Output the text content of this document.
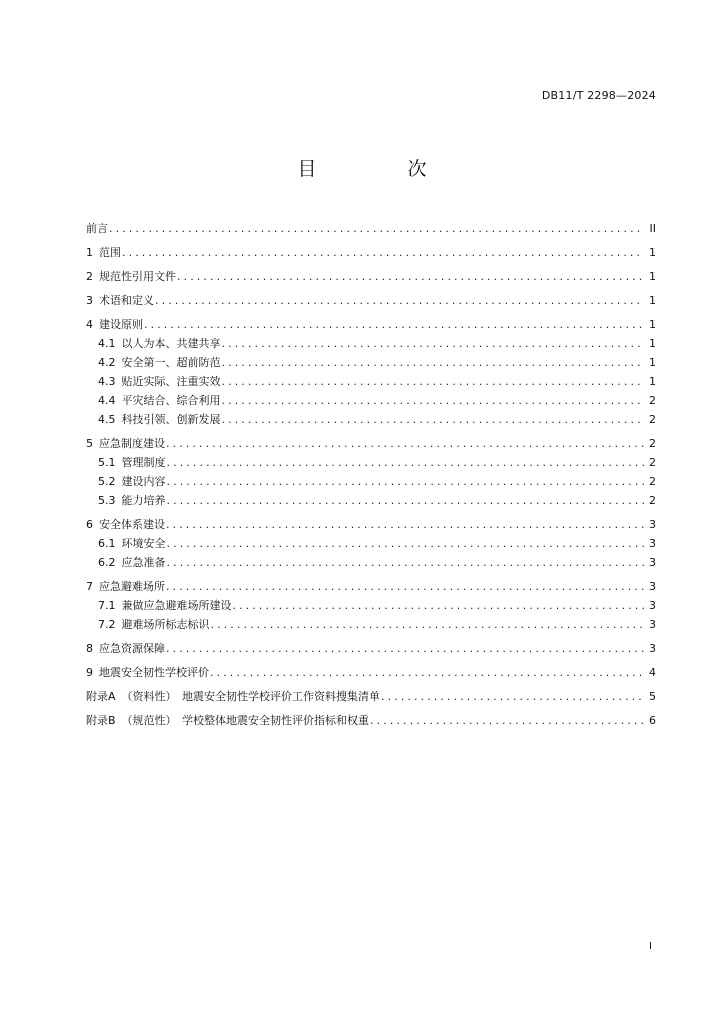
DB11/T 2298—2024
目　次
前言 .....	II
1 范围 .....	1
2 规范性引用文件 .....	1
3 术语和定义 .....	1
4 建设原则 .....	1
4.1 以人为本、共建共享 .....	1
4.2 安全第一、超前防范 .....	1
4.3 贴近实际、注重实效 .....	1
4.4 平灾结合、综合利用 .....	2
4.5 科技引领、创新发展 .....	2
5 应急制度建设 .....	2
5.1 管理制度 .....	2
5.2 建设内容 .....	2
5.3 能力培养 .....	2
6 安全体系建设 .....	3
6.1 环境安全 .....	3
6.2 应急准备 .....	3
7 应急避难场所 .....	3
7.1 兼做应急避难场所建设 .....	3
7.2 避难场所标志标识 .....	3
8 应急资源保障 .....	3
9 地震安全韧性学校评价 .....	4
附录A （资料性）　地震安全韧性学校评价工作资料搜集清单 .....	5
附录B （规范性）　学校整体地震安全韧性评价指标和权重 .....	6
I
